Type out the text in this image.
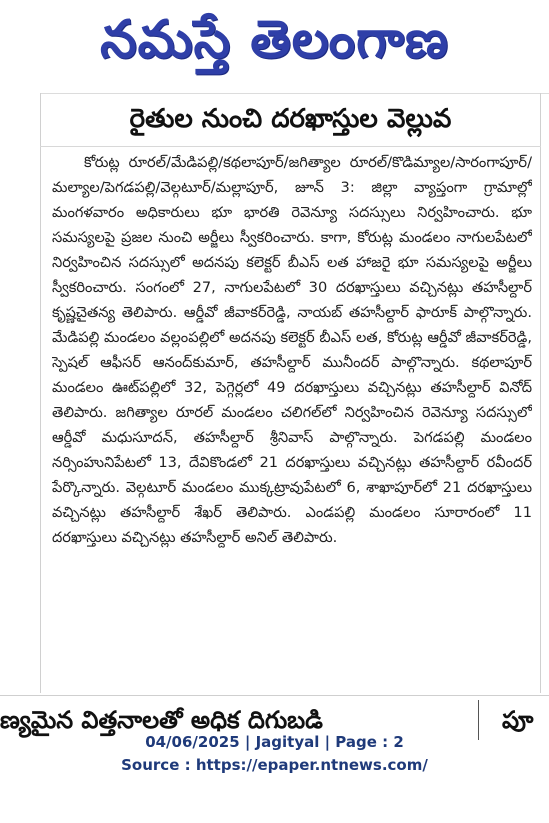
నమస్తే తెలంగాణ
రైతుల నుంచి దరఖాస్తుల వెల్లువ
కోరుట్ల రూరల్/మేడిపల్లి/కథలాపూర్/జగిత్యాల రూరల్/కొడిమ్యాల/సారంగాపూర్/మల్యాల/పెగడపల్లి/వెల్గటూర్/మల్లాపూర్, జూన్ 3: జిల్లా వ్యాప్తంగా గ్రామాల్లో మంగళవారం అధికారులు భూ భారతి రెవెన్యూ సదస్సులు నిర్వహించారు. భూ సమస్యలపై ప్రజల నుంచి అర్జీలు స్వీకరించారు. కాగా, కోరుట్ల మండలం నాగులపేటలో నిర్వహించిన సదస్సులో అదనపు కలెక్టర్ బీఎస్ లత హాజరై భూ సమస్యలపై అర్జీలు స్వీకరించారు. సంగంలో 27, నాగులపేటలో 30 దరఖాస్తులు వచ్చినట్లు తహసీల్దార్ కృష్ణచైతన్య తెలిపారు. ఆర్డీవో జీవాకర్‌రెడ్డి, నాయబ్ తహసీల్దార్ ఫారూక్ పాల్గొన్నారు. మేడిపల్లి మండలం వల్లంపల్లిలో అదనపు కలెక్టర్ బీఎస్ లత, కోరుట్ల ఆర్డీవో జీవాకర్‌రెడ్డి, స్పెషల్ ఆఫీసర్ ఆనంద్‌కుమార్, తహసీల్దార్ మునీందర్ పాల్గొన్నారు. కథలాపూర్ మండలం ఊట్‌పల్లిలో 32, పెగ్గెర్లలో 49 దరఖాస్తులు వచ్చినట్లు తహసీల్దార్ వినోద్ తెలిపారు. జగిత్యాల రూరల్ మండలం చలిగల్‌లో నిర్వహించిన రెవెన్యూ సదస్సులో ఆర్డీవో మధుసూదన్, తహసీల్దార్ శ్రీనివాస్ పాల్గొన్నారు. పెగడపల్లి మండలం నర్సింహునిపేటలో 13, దేవికొండలో 21 దరఖాస్తులు వచ్చినట్లు తహసీల్దార్ రవీందర్ పేర్కొన్నారు. వెల్గటూర్ మండలం ముక్కట్రావుపేటలో 6, శాఖాపూర్‌లో 21 దరఖాస్తులు వచ్చినట్లు తహసీల్దార్ శేఖర్ తెలిపారు. ఎండపల్లి మండలం సూరారంలో 11 దరఖాస్తులు వచ్చినట్లు తహసీల్దార్ అనిల్ తెలిపారు.
ణ్యమైన విత్తనాలతో అధిక దిగుబడి	పూ
04/06/2025 | Jagityal | Page : 2
Source : https://epaper.ntnews.com/
